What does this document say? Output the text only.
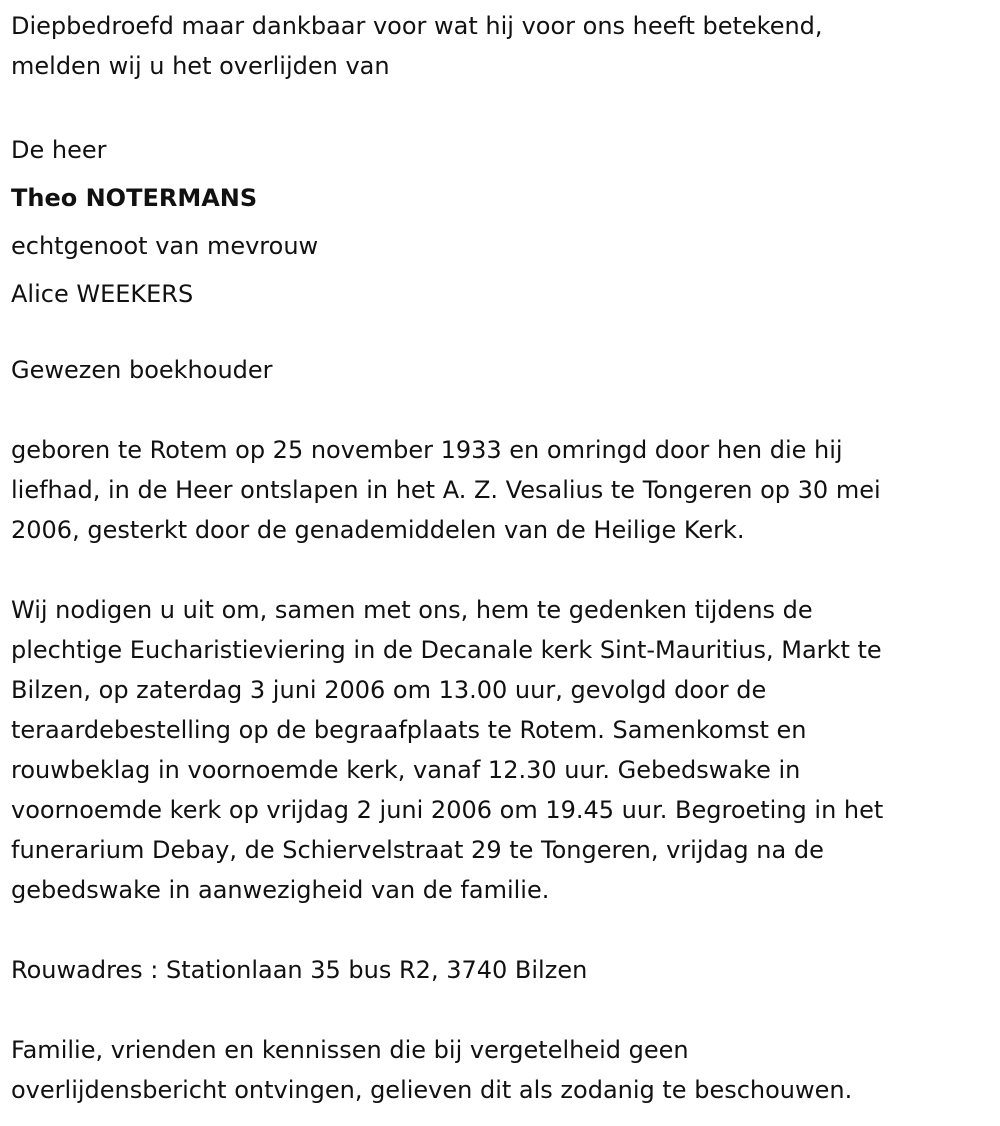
Diepbedroefd maar dankbaar voor wat hij voor ons heeft betekend,

melden wij u het overlijden van

De heer

Theo NOTERMANS

echtgenoot van mevrouw

Alice WEEKERS

Gewezen boekhouder

geboren te Rotem op 25 november 1933 en omringd door hen die hij

liefhad, in de Heer ontslapen in het A. Z. Vesalius te Tongeren op 30 mei

2006, gesterkt door de genademiddelen van de Heilige Kerk.

Wij nodigen u uit om, samen met ons, hem te gedenken tijdens de

plechtige Eucharistieviering in de Decanale kerk Sint-Mauritius, Markt te

Bilzen, op zaterdag 3 juni 2006 om 13.00 uur, gevolgd door de

teraardebestelling op de begraafplaats te Rotem. Samenkomst en

rouwbeklag in voornoemde kerk, vanaf 12.30 uur. Gebedswake in

voornoemde kerk op vrijdag 2 juni 2006 om 19.45 uur. Begroeting in het

funerarium Debay, de Schiervelstraat 29 te Tongeren, vrijdag na de

gebedswake in aanwezigheid van de familie.

Rouwadres : Stationlaan 35 bus R2, 3740 Bilzen

Familie, vrienden en kennissen die bij vergetelheid geen

overlijdensbericht ontvingen, gelieven dit als zodanig te beschouwen.
